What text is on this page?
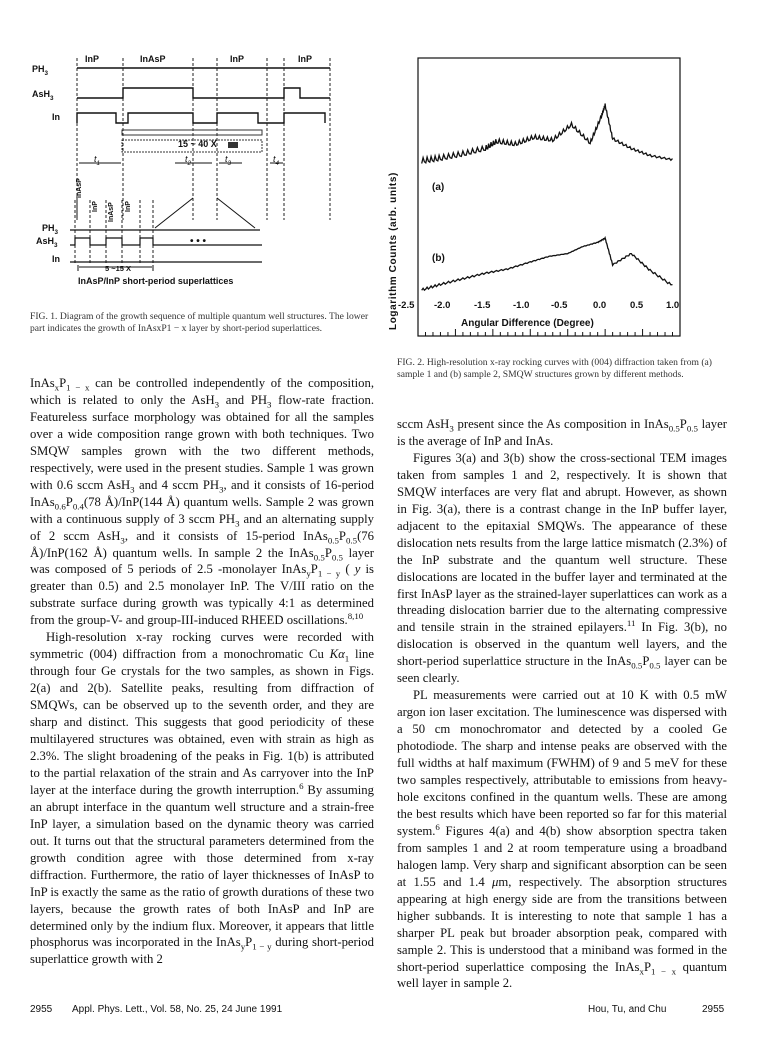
$PH_3$
AsH$_3$
In
InP	InAsP	InP	InP
15 ~ 40 X
$t_1$	$t_2$	$t_3$	$t_4$
InAsP
InP InAsP InP
$PH_3$
AsH$_3$
In
• • •
5 ~15 X
InAsP/InP short-period superlattices
FIG. 1. Diagram of the growth sequence of multiple quantum well structures. The lower part indicates the growth of InAsxP1 − x layer by short-period superlattices.	Logarithm Counts (arb. units)	(a)
(b)
-2.5 -2.0 -1.5 -1.0 -0.5	0.0	0.5 1.0
Angular Difference (Degree)
FIG. 2. High-resolution x-ray rocking curves with (004) diffraction taken from (a) sample 1 and (b) sample 2, SMQW structures grown by different methods.

$InAs_xP_{1 - x}$ can be controlled independently of the composition, which is related to only the AsH$_3$ and $PH_3$ flow-rate fraction. Featureless surface morphology was obtained for all the samples over a wide composition range grown with both techniques. Two SMQW samples grown with the two different methods, respectively, were used in the present studies. Sample 1 was grown with 0.6 sccm AsH$_3$ and 4 sccm $PH_3$, and it consists of 16-period $InAs_{0.6}P_{0.4}(78$ Å)/InP(144 Å) quantum wells. Sample 2 was grown with a continuous supply of 3 sccm $PH_3$ and an alternating supply of 2 sccm AsH$_3$, and it consists of 15-period $InAs_{0.5}P_{0.5}(76$ Å)/InP(162 Å) quantum wells. In sample 2 the $InAs_{0.5}P_{0.5}$ layer was composed of 5 periods of 2.5 -monolayer $InAs_yP_{1 - y}$ ( y is greater than 0.5) and 2.5 monolayer InP. The V/III ratio on the substrate surface during growth was typically 4:1 as determined from the group-V- and group-III-induced RHEED oscillations.$^{8,10}$

High-resolution x-ray rocking curves were recorded with symmetric (004) diffraction from a monochromatic Cu $K\alpha_1$ line through four Ge crystals for the two samples, as shown in Figs. 2(a) and 2(b). Satellite peaks, resulting from diffraction of SMQWs, can be observed up to the seventh order, and they are sharp and distinct. This suggests that good periodicity of these multilayered structures was obtained, even with strain as high as 2.3%. The slight broadening of the peaks in Fig. 1(b) is attributed to the partial relaxation of the strain and As carryover into the InP layer at the interface during the growth interruption.$^6$ By assuming an abrupt interface in the quantum well structure and a strain-free InP layer, a simulation based on the dynamic theory was carried out. It turns out that the structural parameters determined from the growth condition agree with those determined from x-ray diffraction. Furthermore, the ratio of layer thicknesses of InAsP to InP is exactly the same as the ratio of growth durations of these two layers, because the growth rates of both InAsP and InP are determined only by the indium flux. Moreover, it appears that little phosphorus was incorporated in the $InAs_yP_{1 - y}$ during short-period superlattice growth with 2

sccm AsH$_3$ present since the As composition in $InAs_{0.5}P_{0.5}$ layer is the average of InP and InAs.

Figures 3(a) and 3(b) show the cross-sectional TEM images taken from samples 1 and 2, respectively. It is shown that SMQW interfaces are very flat and abrupt. However, as shown in Fig. 3(a), there is a contrast change in the InP buffer layer, adjacent to the epitaxial SMQWs. The appearance of these dislocation nets results from the large lattice mismatch (2.3%) of the InP substrate and the quantum well structure. These dislocations are located in the buffer layer and terminated at the first InAsP layer as the strained-layer superlattices can work as a threading dislocation barrier due to the alternating compressive and tensile strain in the strained epilayers.$^{11}$ In Fig. 3(b), no dislocation is observed in the quantum well layers, and the short-period superlattice structure in the $InAs_{0.5}P_{0.5}$ layer can be seen clearly.

PL measurements were carried out at 10 K with 0.5 mW argon ion laser excitation. The luminescence was dispersed with a 50 cm monochromator and detected by a cooled Ge photodiode. The sharp and intense peaks are observed with the full widths at half maximum (FWHM) of 9 and 5 meV for these two samples respectively, attributable to emissions from heavy-hole excitons confined in the quantum wells. These are among the best results which have been reported so far for this material system.$^6$ Figures 4(a) and 4(b) show absorption spectra taken from samples 1 and 2 at room temperature using a broadband halogen lamp. Very sharp and significant absorption can be seen at 1.55 and 1.4 μm, respectively. The absorption structures appearing at high energy side are from the transitions between higher subbands. It is interesting to note that sample 1 has a sharper PL peak but broader absorption peak, compared with sample 2. This is understood that a miniband was formed in the short-period superlattice composing the $InAs_xP_{1 - x}$ quantum well layer in sample 2.

2955 Appl. Phys. Lett., Vol. 58, No. 25, 24 June 1991	Hou, Tu, and Chu	2955
